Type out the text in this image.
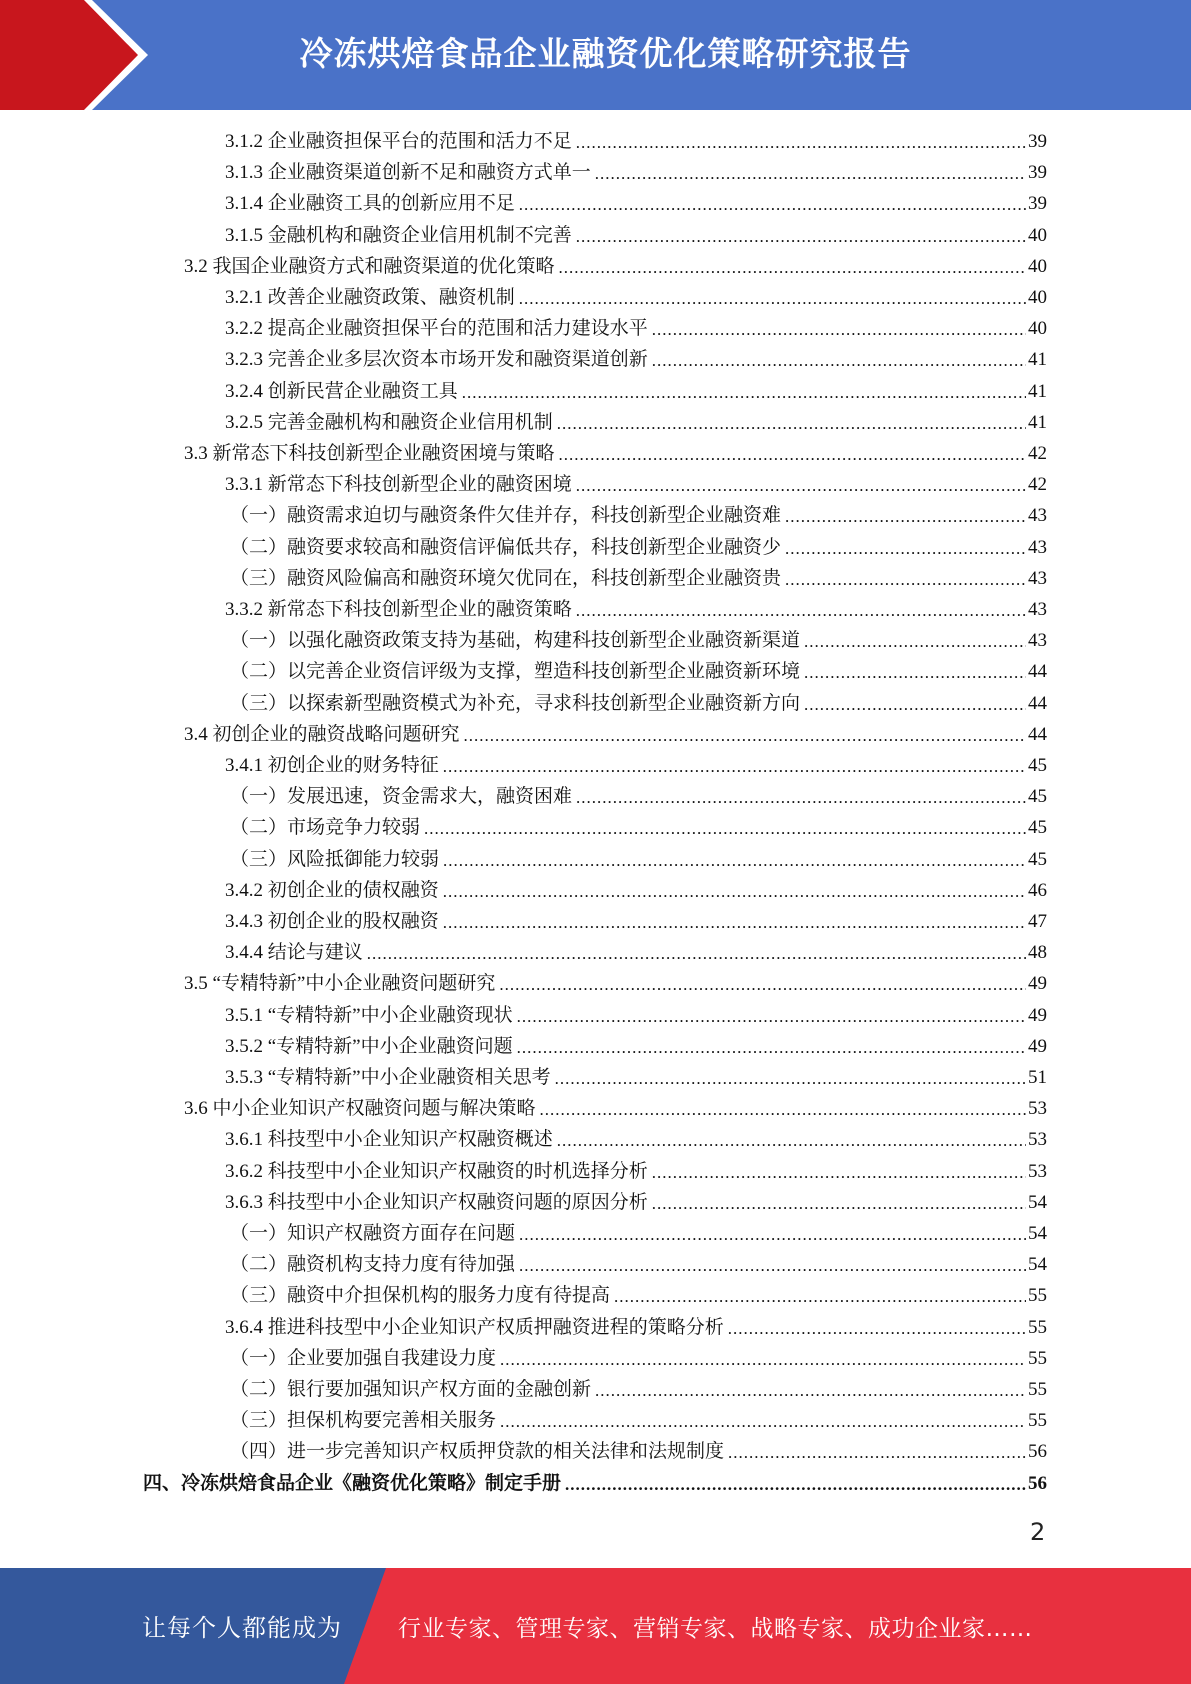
冷冻烘焙食品企业融资优化策略研究报告
3.1.2 企业融资担保平台的范围和活力不足 .....	39
3.1.3 企业融资渠道创新不足和融资方式单一 .....	39
3.1.4 企业融资工具的创新应用不足 .....	39
3.1.5 金融机构和融资企业信用机制不完善 .....	40
3.2 我国企业融资方式和融资渠道的优化策略 .....	40
3.2.1 改善企业融资政策、融资机制 .....	40
3.2.2 提高企业融资担保平台的范围和活力建设水平 .....	40
3.2.3 完善企业多层次资本市场开发和融资渠道创新 .....	41
3.2.4 创新民营企业融资工具 .....	41
3.2.5 完善金融机构和融资企业信用机制 .....	41
3.3 新常态下科技创新型企业融资困境与策略 .....	42
3.3.1 新常态下科技创新型企业的融资困境 .....	42
（一）融资需求迫切与融资条件欠佳并存，科技创新型企业融资难 .....	43
（二）融资要求较高和融资信评偏低共存，科技创新型企业融资少 .....	43
（三）融资风险偏高和融资环境欠优同在，科技创新型企业融资贵 .....	43
3.3.2 新常态下科技创新型企业的融资策略 .....	43
（一）以强化融资政策支持为基础，构建科技创新型企业融资新渠道 .....	43
（二）以完善企业资信评级为支撑，塑造科技创新型企业融资新环境 .....	44
（三）以探索新型融资模式为补充，寻求科技创新型企业融资新方向 .....	44
3.4 初创企业的融资战略问题研究 .....	44
3.4.1 初创企业的财务特征 .....	45
（一）发展迅速，资金需求大，融资困难 .....	45
（二）市场竞争力较弱 .....	45
（三）风险抵御能力较弱 .....	45
3.4.2 初创企业的债权融资 .....	46
3.4.3 初创企业的股权融资 .....	47
3.4.4 结论与建议 .....	48
3.5 “专精特新”中小企业融资问题研究 .....	49
3.5.1 “专精特新”中小企业融资现状 .....	49
3.5.2 “专精特新”中小企业融资问题 .....	49
3.5.3 “专精特新”中小企业融资相关思考 .....	51
3.6 中小企业知识产权融资问题与解决策略 .....	53
3.6.1 科技型中小企业知识产权融资概述 .....	53
3.6.2 科技型中小企业知识产权融资的时机选择分析 .....	53
3.6.3 科技型中小企业知识产权融资问题的原因分析 .....	54
（一）知识产权融资方面存在问题 .....	54
（二）融资机构支持力度有待加强 .....	54
（三）融资中介担保机构的服务力度有待提高 .....	55
3.6.4 推进科技型中小企业知识产权质押融资进程的策略分析 .....	55
（一）企业要加强自我建设力度 .....	55
（二）银行要加强知识产权方面的金融创新 .....	55
（三）担保机构要完善相关服务 .....	55
（四）进一步完善知识产权质押贷款的相关法律和法规制度 .....	56
四、冷冻烘焙食品企业《融资优化策略》制定手册 .....	56
2
让每个人都能成为 行业专家、管理专家、营销专家、战略专家、成功企业家……
